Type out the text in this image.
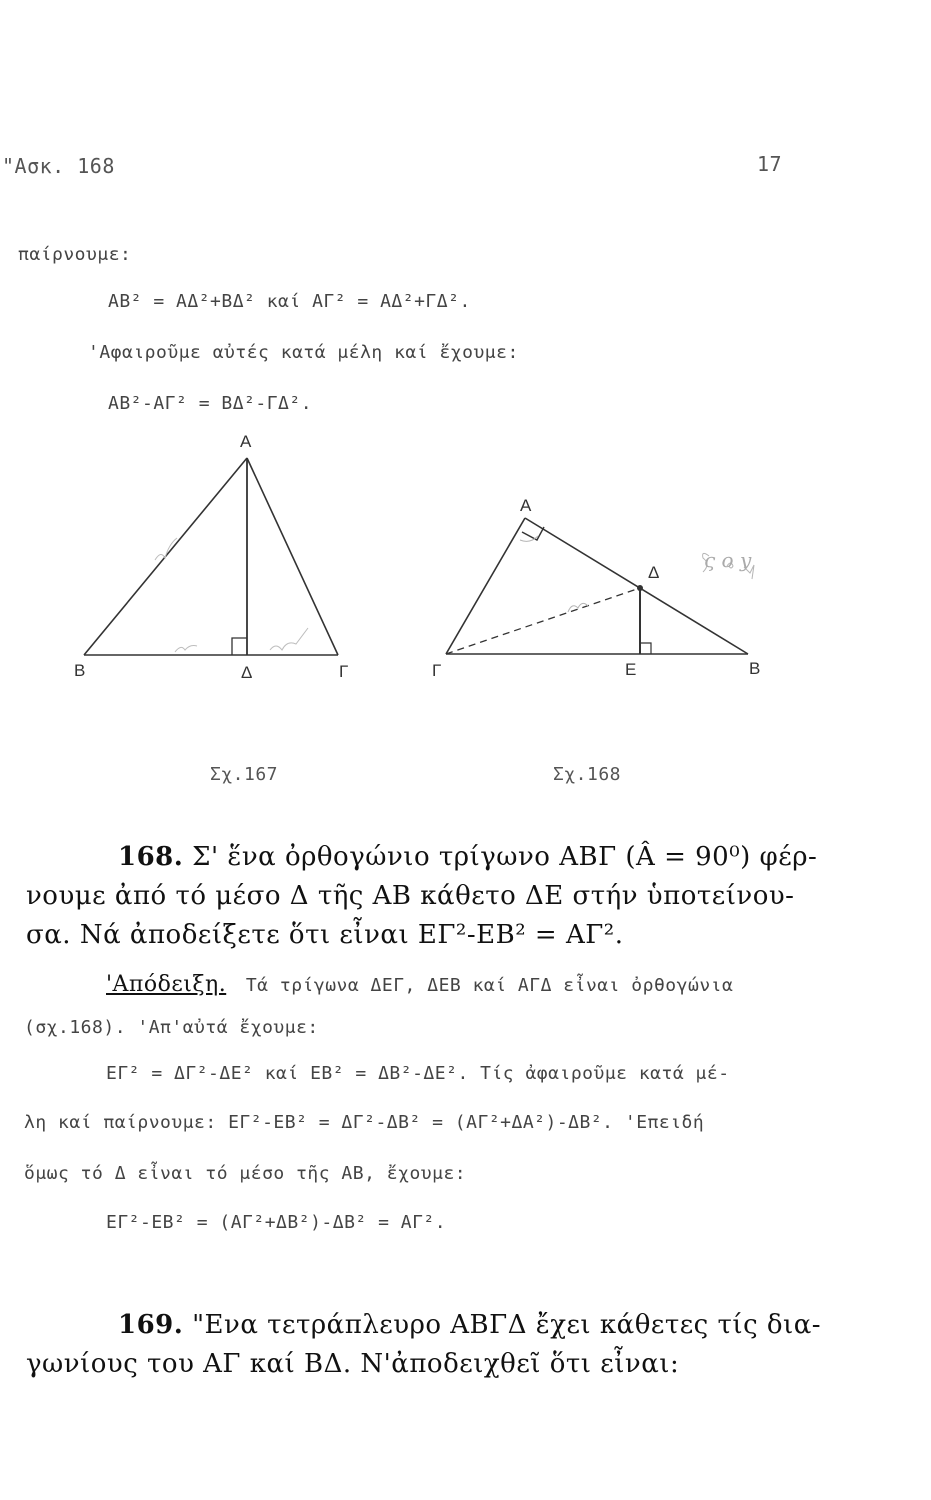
"Ασκ. 168	17
παίρνουμε:
AB² = AΔ²+BΔ² καί AΓ² = AΔ²+ΓΔ².
'Αφαιροῦμε αὐτές κατά μέλη καί ἔχουμε:
AB²-AΓ² = BΔ²-ΓΔ².
A
B	Δ	Γ
A
Δ
Γ	E	B
ς ο y
Σχ.167	Σχ.168
168. Σ' ἕνα ὀρθογώνιο τρίγωνο ABΓ (Â = 90⁰) φέρ-
νουμε ἀπό τό μέσο Δ τῆς AB κάθετο ΔE στήν ὑποτείνου-
σα. Νά ἀποδείξετε ὅτι εἶναι EΓ²-EB² = AΓ².
'Απόδειξη. Τά τρίγωνα ΔEΓ, ΔEB καί AΓΔ εἶναι ὀρθογώνια
(σχ.168). 'Απ'αὐτά ἔχουμε:
EΓ² = ΔΓ²-ΔE² καί EB² = ΔB²-ΔE². Τίς ἀφαιροῦμε κατά μέ-
λη καί παίρνουμε: EΓ²-EB² = ΔΓ²-ΔB² = (AΓ²+ΔA²)-ΔB². 'Επειδή
ὅμως τό Δ εἶναι τό μέσο τῆς AB, ἔχουμε:
EΓ²-EB² = (AΓ²+ΔB²)-ΔB² = AΓ².
169. "Ενα τετράπλευρο ABΓΔ ἔχει κάθετες τίς δια-
γωνίους του AΓ καί BΔ. Ν'ἀποδειχθεῖ ὅτι εἶναι:
